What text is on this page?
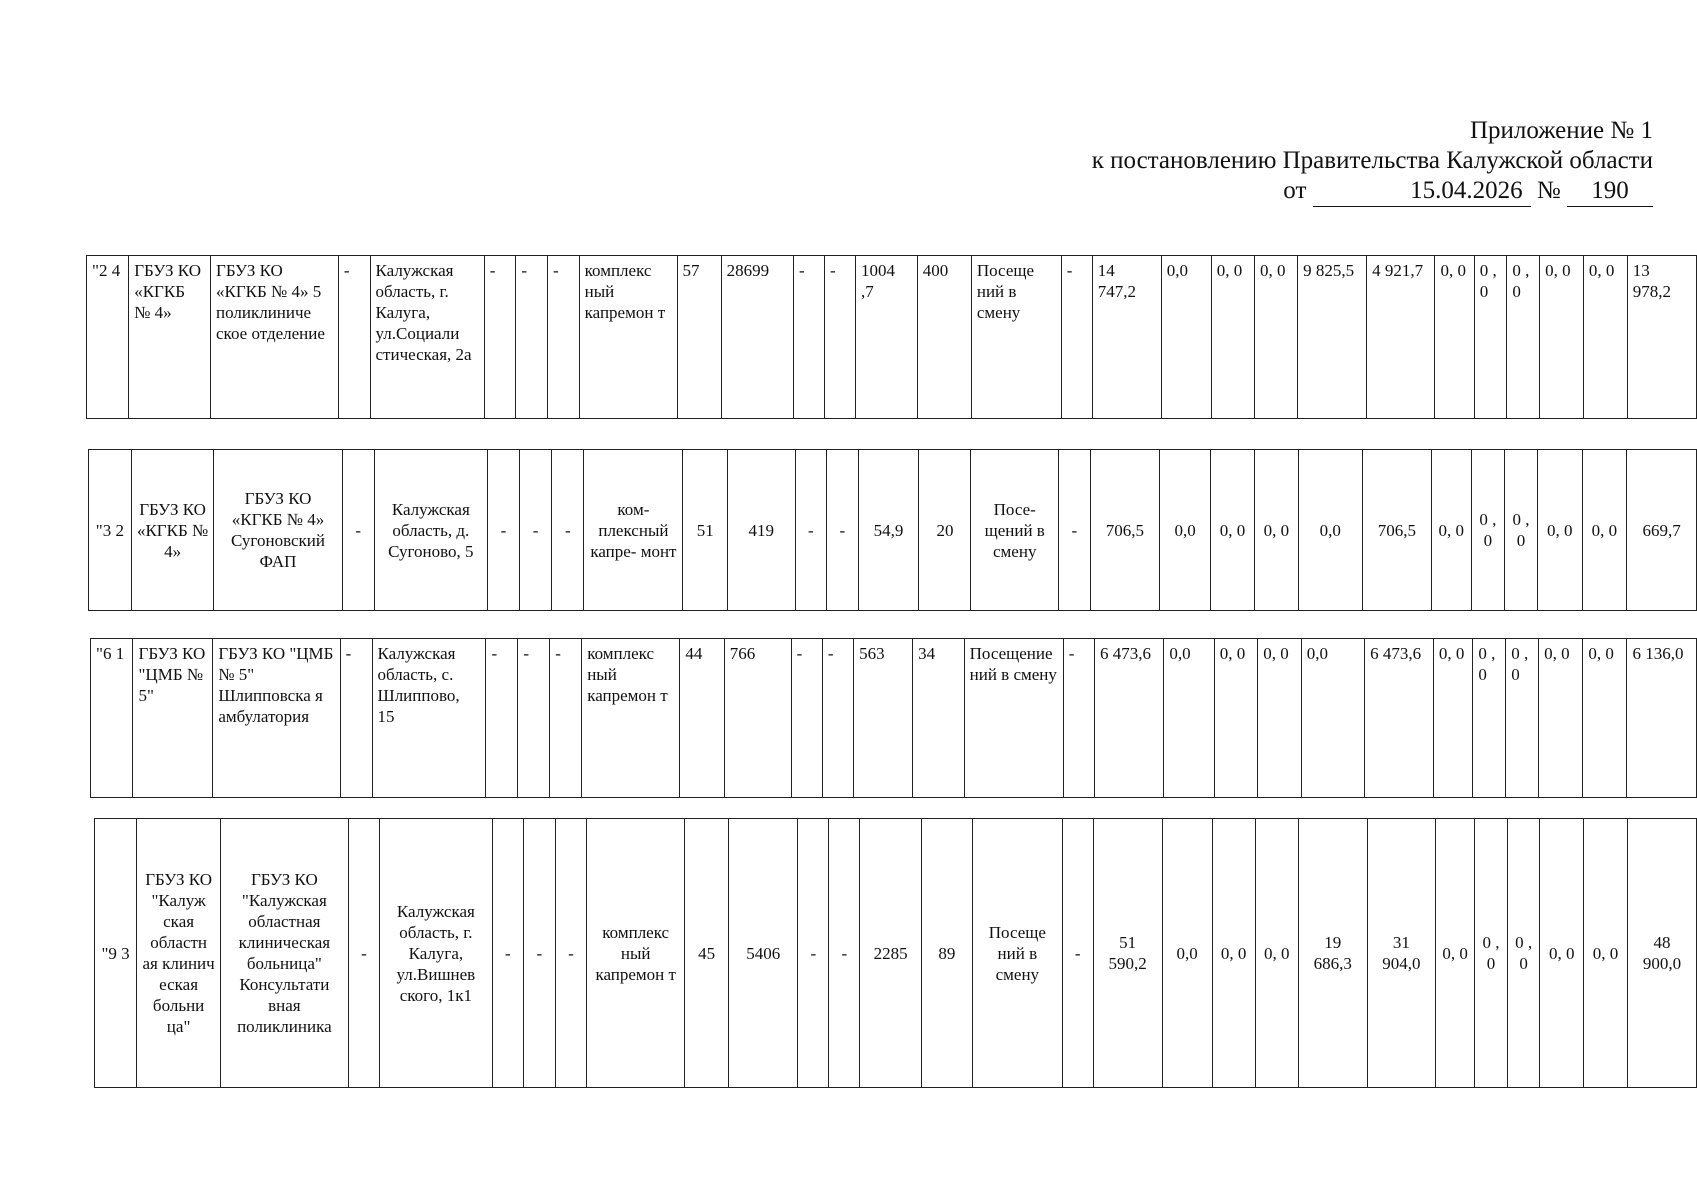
Приложение № 1
к постановлению Правительства Калужской области
от	15.04.2026 № 190
"2 4	ГБУЗ КО «КГКБ № 4»	ГБУЗ КО «КГКБ № 4» 5 поликлиниче ское отделение	-	Калужская область, г. Калуга, ул.Социали стическая, 2а	-	-	-	комплекс ный капремон т	57	28699	-	-	1004 ,7	400	Посеще ний в смену	-	14 747,2	0,0	0, 0	0, 0	9 825,5	4 921,7	0, 0	0 , 0	0 , 0	0, 0	0, 0	13 978,2
"3 2	ГБУЗ КО «КГКБ № 4»	ГБУЗ КО «КГКБ № 4» Сугоновский ФАП	-	Калужская область, д. Сугоново, 5	-	-	-	ком- плексный капре- монт	51	419	-	-	54,9	20	Посе- щений в смену	-	706,5	0,0	0, 0	0, 0	0,0	706,5	0, 0	0 , 0	0 , 0	0, 0	0, 0	669,7
"6 1	ГБУЗ КО "ЦМБ № 5"	ГБУЗ КО "ЦМБ № 5" Шлипповска я амбулатория	-	Калужская область, с. Шлиппово, 15	-	-	-	комплекс ный капремон т	44	766	-	-	563	34	Посещение ний в смену	-	6 473,6	0,0	0, 0	0, 0	0,0	6 473,6	0, 0	0 , 0	0 , 0	0, 0	0, 0	6 136,0
"9 3	ГБУЗ КО "Калуж ская областн ая клинич еская больни ца"	ГБУЗ КО "Калужская областная клиническая больница" Консультати вная поликлиника	-	Калужская область, г. Калуга, ул.Вишнев ского, 1к1	-	-	-	комплекс ный капремон т	45	5406	-	-	2285	89	Посеще ний в смену	-	51 590,2	0,0	0, 0	0, 0	19 686,3	31 904,0	0, 0	0 , 0	0 , 0	0, 0	0, 0	48 900,0
